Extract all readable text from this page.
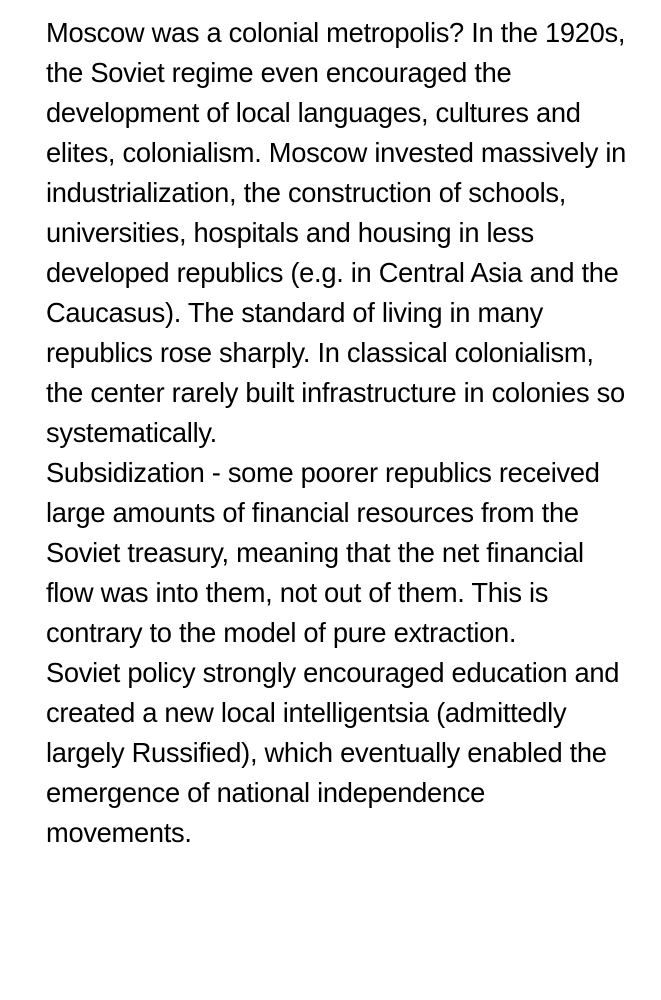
Moscow was a colonial metropolis? In the 1920s, the Soviet regime even encouraged the development of local languages, cultures and elites, colonialism. Moscow invested massively in industrialization, the construction of schools, universities, hospitals and housing in less developed republics (e.g. in Central Asia and the Caucasus). The standard of living in many republics rose sharply. In classical colonialism, the center rarely built infrastructure in colonies so systematically.

Subsidization - some poorer republics received large amounts of financial resources from the Soviet treasury, meaning that the net financial flow was into them, not out of them. This is contrary to the model of pure extraction.

Soviet policy strongly encouraged education and created a new local intelligentsia (admittedly largely Russified), which eventually enabled the emergence of national independence movements.
